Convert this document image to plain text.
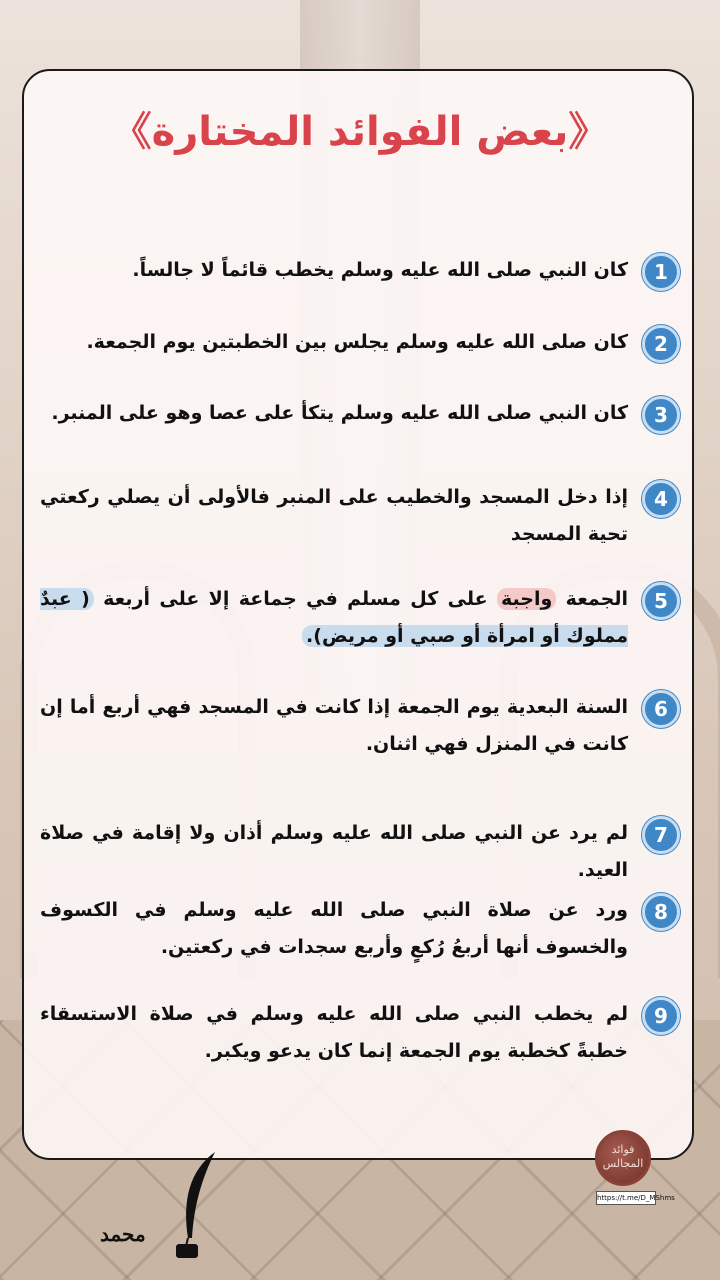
《بعض الفوائد المختارة》
1
كان النبي صلى الله عليه وسلم يخطب قائماً لا جالساً.
2
كان صلى الله عليه وسلم يجلس بين الخطبتين يوم الجمعة.
3
كان النبي صلى الله عليه وسلم يتكأ على عصا وهو على المنبر.
4
إذا دخل المسجد والخطيب على المنبر فالأولى أن يصلي ركعتي تحية المسجد
5
الجمعة واجبة على كل مسلم في جماعة إلا على أربعة ( عبدٌ مملوك أو امرأة أو صبي أو مريض).
6
السنة البعدية يوم الجمعة إذا كانت في المسجد فهي أربع أما إن كانت في المنزل فهي اثنان.
7
لم يرد عن النبي صلى الله عليه وسلم أذان ولا إقامة في صلاة العيد.
8
ورد عن صلاة النبي صلى الله عليه وسلم في الكسوف والخسوف أنها أربعُ رُكعٍ وأربع سجدات في ركعتين.
9
لم يخطب النبي صلى الله عليه وسلم في صلاة الاستسقاء خطبةً كخطبة يوم الجمعة إنما كان يدعو ويكبر.
فوائد المجالس
https://t.me/D_MShms
محمد
